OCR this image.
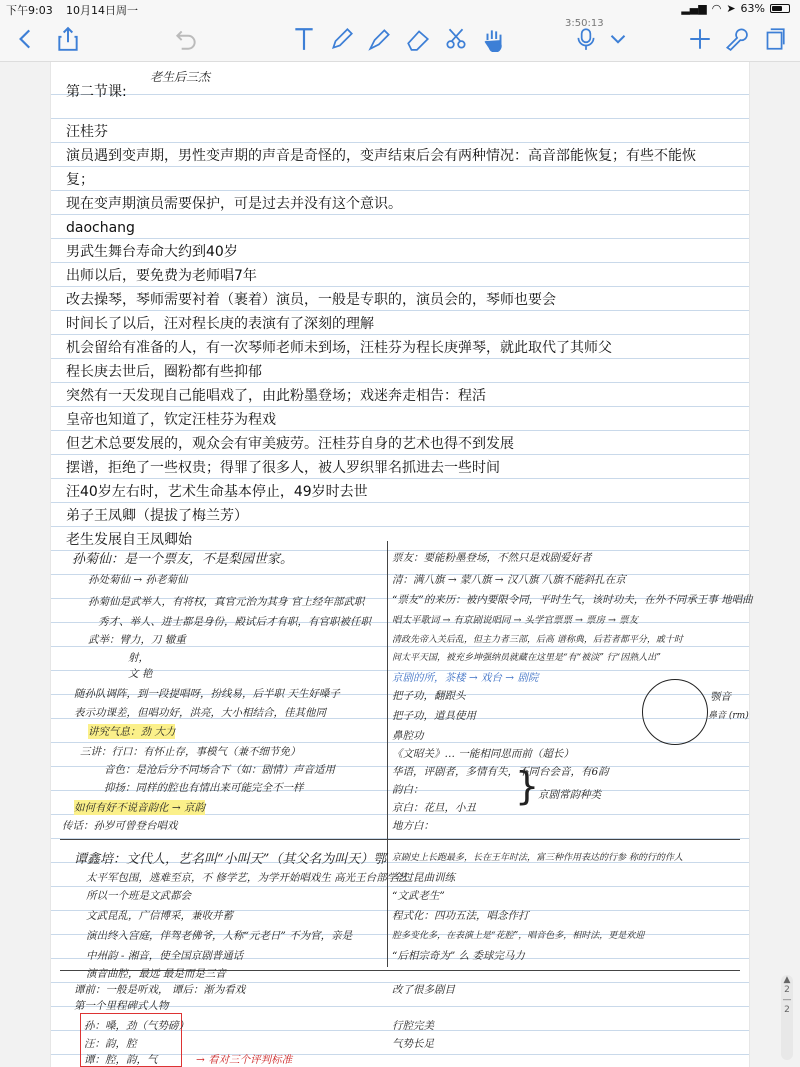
下午9:03 10月14日周一	▂▄▆ ◠ ➤ 63%
3:50:13
老生后三杰
第二节课:
汪桂芬
演员遇到变声期，男性变声期的声音是奇怪的，变声结束后会有两种情况：高音部能恢复；有些不能恢
复；
现在变声期演员需要保护，可是过去并没有这个意识。
daochang
男武生舞台寿命大约到40岁
出师以后，要免费为老师唱7年
改去操琴，琴师需要衬着（裹着）演员，一般是专职的，演员会的，琴师也要会
时间长了以后，汪对程长庚的表演有了深刻的理解
机会留给有准备的人，有一次琴师老师未到场，汪桂芬为程长庚弹琴，就此取代了其师父
程长庚去世后，圈粉都有些抑郁
突然有一天发现自己能唱戏了，由此粉墨登场；戏迷奔走相告：程活
皇帝也知道了，钦定汪桂芬为程戏
但艺术总要发展的，观众会有审美疲劳。汪桂芬自身的艺术也得不到发展
摆谱，拒绝了一些权贵；得罪了很多人，被人罗织罪名抓进去一些时间
汪40岁左右时，艺术生命基本停止，49岁时去世
弟子王凤卿（提拔了梅兰芳）
老生发展自王凤卿始
颚音
鼻音 (rm)
}
京剧常韵种类
孙菊仙：是一个票友，不是梨园世家。
孙处菊仙 → 孙老菊仙
孙菊仙是武举人，有将权，真官元治为其身 官上经年部武职
秀才、举人、进士都是身份，殿试后才有职，有官职被任职
武举：臂力，刀 辙重
射，
文 艳
随孙队调阵，到一段提唱呀，扮线易，后半职 天生好嗓子
表示功课差，但唱功好，洪亮，大小相结合，佳其他同
讲究气息：劲 大力
三讲：行口：有怀止存，事模气（兼不细节免）
音色：是沧后分不同场合下（如：剧情）声音适用
抑扬：同样的腔也有情出来可能完全不一样
如何有好不说音韵化 → 京韵
传话：孙岁可曾登台唱戏
谭鑫培：文代人，艺名叫“小叫天”（其父名为叫天）鄂
太平军包围，逃难至京，不 修学艺，为学开始唱戏生 高光王台部学艺
所以一个班是文武都会
文武昆乱，广信博采，兼收并蓄
演出终入宫庭，伴驾老佛爷，人称“元老日” 不为官，亲是
中州韵 - 湘音，使全国京剧普通话
演音曲腔，最远 最是而是三音
谭前：一般是听戏， 谭后：渐为看戏
第一个里程碑式人物
孙：嗓，劲（气势磅）
汪：韵，腔
谭：腔，韵，气	→ 看对三个评判标准
票友：要能粉墨登场，不然只是戏剧爱好者
清：满八旗 → 蒙八旗 → 汉八旗 八旗不能斜扎在京
“票友”的来历：被内要限令同，平时生气，该时功夫，在外不同承王事 地唱曲
唱太平歌词 → 有京剧说唱同 → 头学官票票 → 票房 → 票友
清政先帝入关后乱，但主力者三部，后高 谱称典，后若者都平分，戚十时
间太平天国，被充乡坤强纳员就藏在这里是“有“被淡” 行“因熟人出”
京剧的所，茶楼 → 戏台 → 剧院
把子功，翻跟头
把子功，道具使用
鼻腔功
《文昭关》… 一能相同思而前（超长）
华语，评剧者，多情有失，不同台会音，有6韵
韵白：
京白：花旦，小丑
地方白：
京剧史上长跑最多，长在王年时法，富三种作用表达的行参 称的行的作人
全过昆曲训练
“文武老生”
程式化：四功五法，唱念作打
腔多变化多，在表演上是“花腔”，唱音色多，相时法，更是欢迎
“后相宗奇为” 么 委球完马力
改了很多剧目
行腔完美
气势长足
▲
2
—
2
